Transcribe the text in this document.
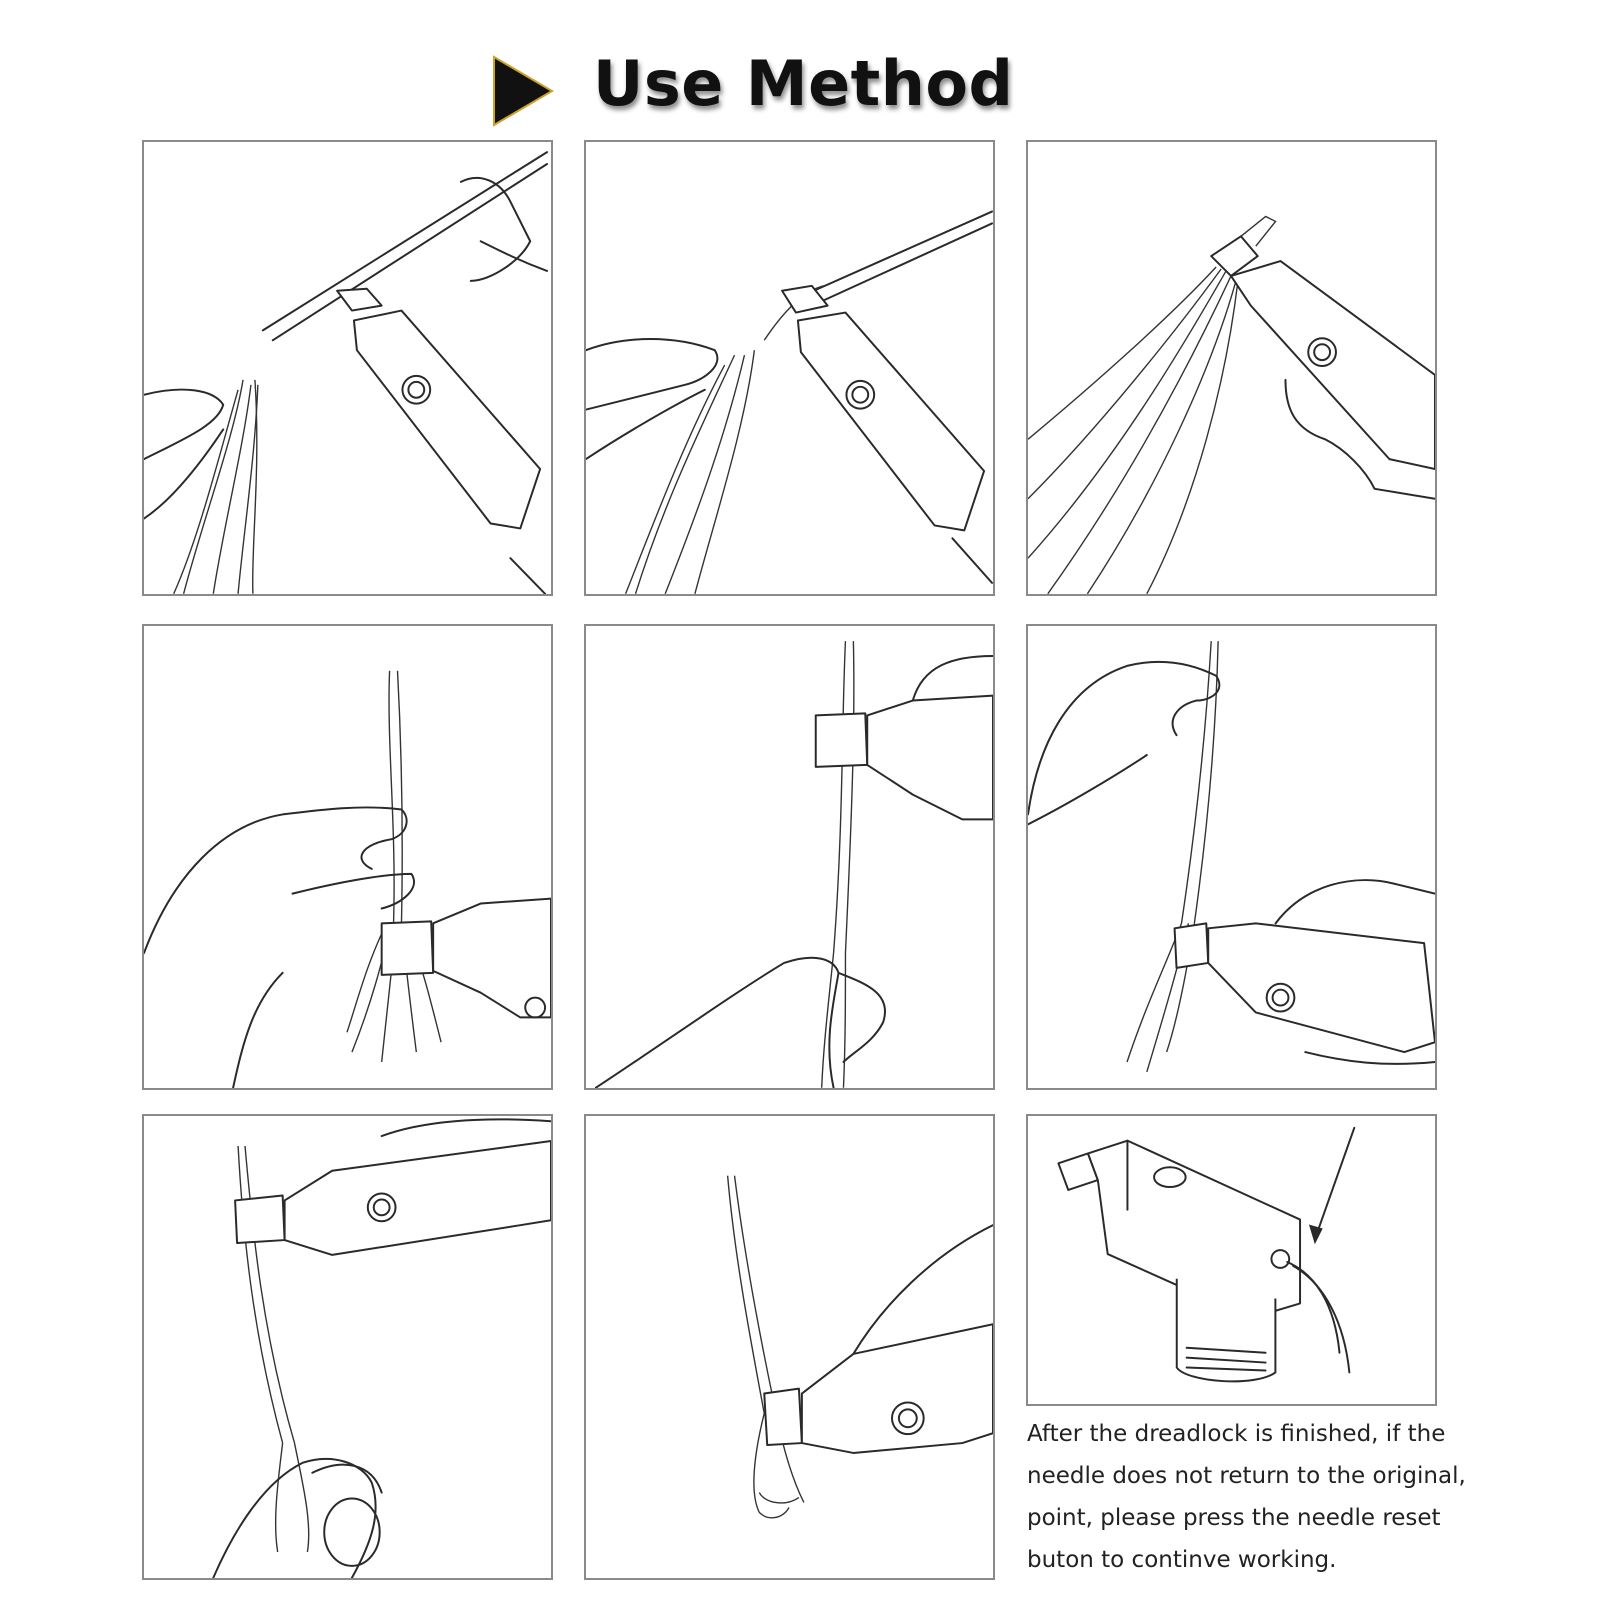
Use Method
After the dreadlock is finished, if the
needle does not return to the original,
point, please press the needle reset
buton to continve working.
